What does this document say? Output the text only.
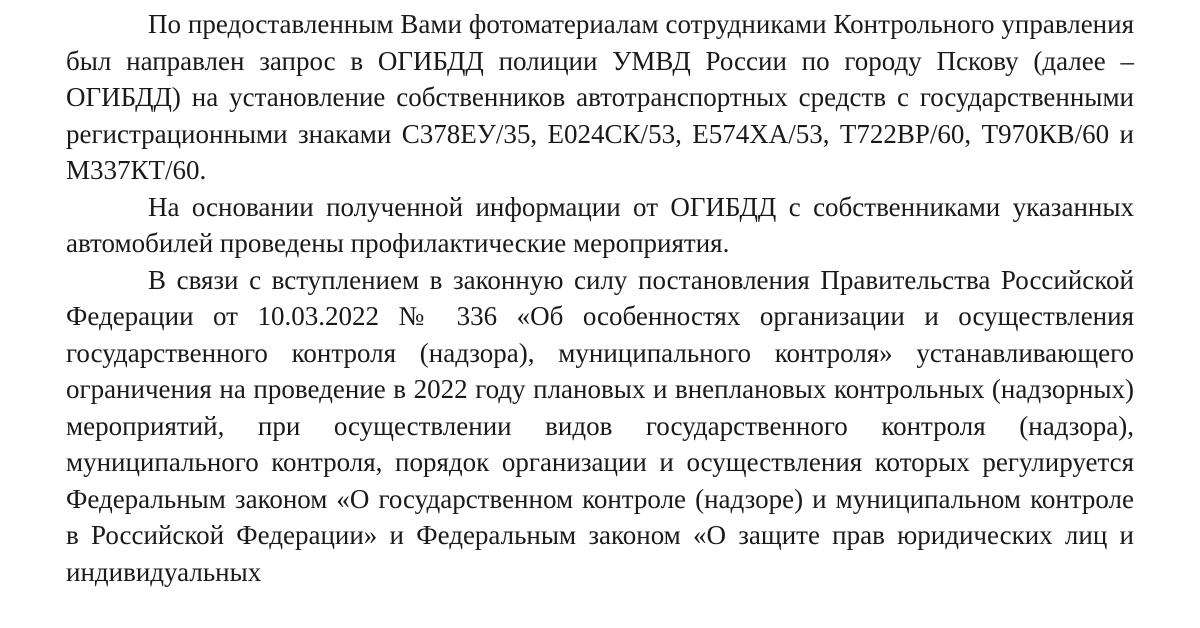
По предоставленным Вами фотоматериалам сотрудниками Контрольного управления был направлен запрос в ОГИБДД полиции УМВД России по городу Пскову (далее – ОГИБДД) на установление собственников автотранспортных средств с государственными регистрационными знаками С378ЕУ/35, Е024СК/53, Е574ХА/53, Т722ВР/60, Т970КВ/60 и М337КТ/60.

На основании полученной информации от ОГИБДД с собственниками указанных автомобилей проведены профилактические мероприятия.

В связи с вступлением в законную силу постановления Правительства Российской Федерации от 10.03.2022 № 336 «Об особенностях организации и осуществления государственного контроля (надзора), муниципального контроля» устанавливающего ограничения на проведение в 2022 году плановых и внеплановых контрольных (надзорных) мероприятий, при осуществлении видов государственного контроля (надзора), муниципального контроля, порядок организации и осуществления которых регулируется Федеральным законом «О государственном контроле (надзоре) и муниципальном контроле в Российской Федерации» и Федеральным законом «О защите прав юридических лиц и индивидуальных
